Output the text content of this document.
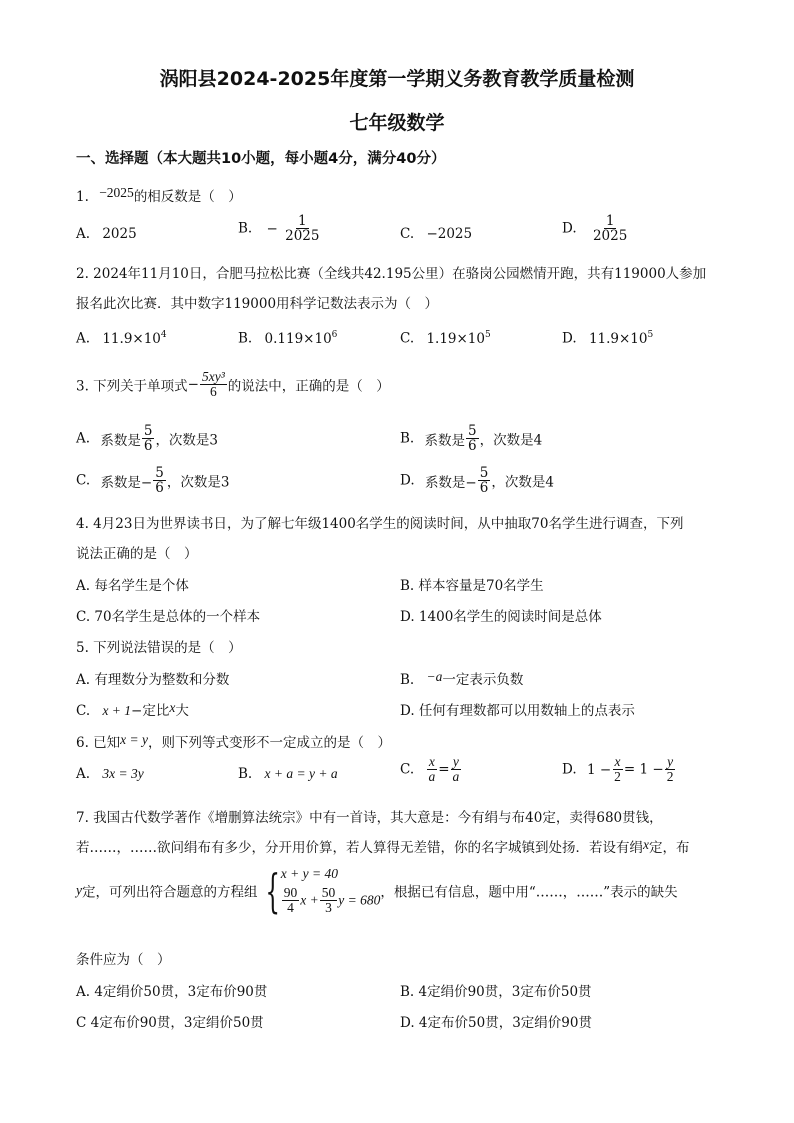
涡阳县2024-2025年度第一学期义务教育教学质量检测
七年级数学
一、选择题（本大题共10小题，每小题4分，满分40分）
1. −2025的相反数是（　）
A. 2025	B. − $\frac{1}{2025}$	C. −2025	D. $\frac{1}{2025}$
2. 2024年11月10日，合肥马拉松比赛（全线共42.195公里）在骆岗公园燃情开跑，共有119000人参加
报名此次比赛．其中数字119000用科学记数法表示为（　）
A. $11.9\times 10^4$	B. $0.119\times 10^6$	C. $1.19\times 10^5$	D. $11.9\times 10^5$
3. 下列关于单项式− $\frac{\text{5xy³}}{6}$ 的说法中，正确的是（　）
A. 系数是 $\frac{5}{6}$ ，次数是3	B. 系数是 $\frac{5}{6}$ ，次数是4
C. 系数是− $\frac{5}{6}$ ，次数是3	D. 系数是− $\frac{5}{6}$ ，次数是4
4. 4月23日为世界读书日，为了解七年级1400名学生的阅读时间，从中抽取70名学生进行调查，下列
说法正确的是（　）
A. 每名学生是个体	B. 样本容量是70名学生
C. 70名学生是总体的一个样本	D. 1400名学生的阅读时间是总体
5. 下列说法错误的是（　）
A. 有理数分为整数和分数	B. −a一定表示负数
C. x + 1−定比x大	D. 任何有理数都可以用数轴上的点表示
6. 已知x = y，则下列等式变形不一定成立的是（　）
A. 3x = 3y	B. x + a = y + a	C. $\frac{x}{a} = \frac{y}{a}$	D. $1 - \frac{x}{2} = 1 - \frac{y}{2}$
7. 我国古代数学著作《增删算法统宗》中有一首诗，其大意是：今有绢与布40定，卖得680贯钱，
若……，……欲问绢布有多少，分开用价算，若人算得无差错，你的名字城镇到处扬．若设有绢x定，布
y定，可列出符合题意的方程组 { x + y = 40
$\frac{90}{4}$ $x + \frac{50}{3}$ y = 680 ，根据已有信息，题中用“……，……”表示的缺失
条件应为（　）
A. 4定绢价50贯，3定布价90贯	B. 4定绢价90贯，3定布价50贯
C 4定布价90贯，3定绢价50贯	D. 4定布价50贯，3定绢价90贯
